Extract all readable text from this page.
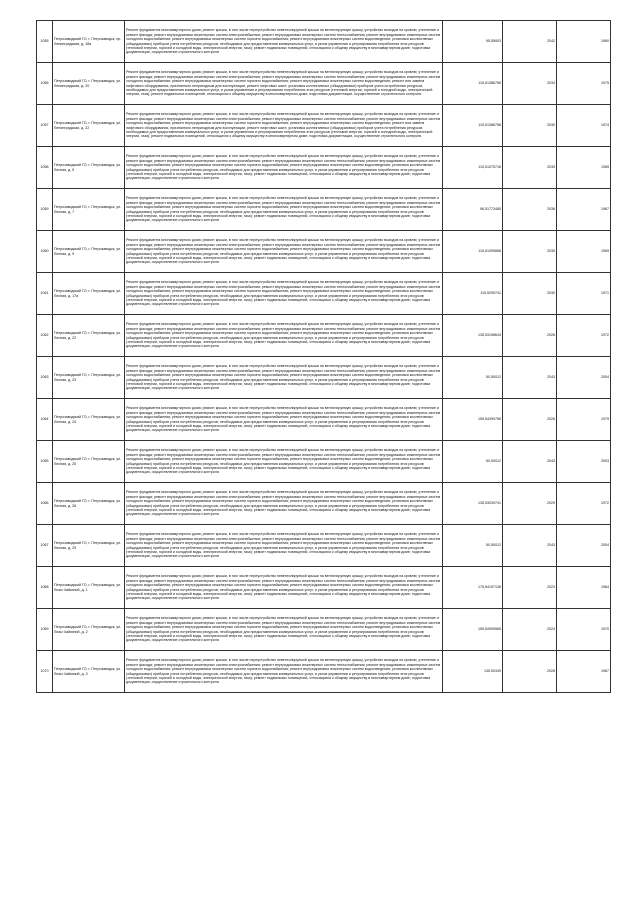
1055	Петрозаводский ГО, г. Петрозаводск, пр. Ленинградская, д. 18а	Ремонт фундамента многоквартирного дома; ремонт крыши, в том числе переустройство невентилируемой крыши на вентилируемую крышу, устройство выходов на кровлю; утепление и ремонт фасада; ремонт внутридомовых инженерных систем электроснабжения; ремонт внутридомовых инженерных систем теплоснабжения; ремонт внутридомовых инженерных систем холодного водоснабжения; ремонт внутридомовых инженерных систем горячего водоснабжения; ремонт внутридомовых инженерных систем водоотведения; установка коллективных (общедомовых) приборов учета потребления ресурсов, необходимых для предоставления коммунальных услуг, и узлов управления и регулирования потребления этих ресурсов (тепловой энергии, горячей и холодной воды, электрической энергии, газа); ремонт подвальных помещений, относящихся к общему имуществу в многоквартирном доме; подготовка документации, осуществление строительного контроля	95,55903	2042	1960
1056	Петрозаводский ГО, г. Петрозаводск, ул. Ленинградская, д. 20	Ремонт фундамента многоквартирного дома; ремонт крыши, в том числе переустройство невентилируемой крыши на вентилируемую крышу, устройство выходов на кровлю; утепление и ремонт фасада; ремонт внутридомовых инженерных систем электроснабжения; ремонт внутридомовых инженерных систем теплоснабжения; ремонт внутридомовых инженерных систем холодного водоснабжения; ремонт внутридомовых инженерных систем горячего водоснабжения; ремонт внутридомовых инженерных систем водоотведения; ремонт или замена лифтового оборудования, признанного непригодным для эксплуатации, ремонт лифтовых шахт; установка коллективных (общедомовых) приборов учета потребления ресурсов, необходимых для предоставления коммунальных услуг, и узлов управления и регулирования потребления этих ресурсов (тепловой энергии, горячей и холодной воды, электрической энергии, газа); ремонт подвальных помещений, относящихся к общему имуществу в многоквартирном доме; подготовка документации, осуществление строительного контроля	115,51386756	2034	1975
1057	Петрозаводский ГО, г. Петрозаводск, ул. Ленинградская, д. 22	Ремонт фундамента многоквартирного дома; ремонт крыши, в том числе переустройство невентилируемой крыши на вентилируемую крышу, устройство выходов на кровлю; утепление и ремонт фасада; ремонт внутридомовых инженерных систем электроснабжения; ремонт внутридомовых инженерных систем теплоснабжения; ремонт внутридомовых инженерных систем холодного водоснабжения; ремонт внутридомовых инженерных систем горячего водоснабжения; ремонт внутридомовых инженерных систем водоотведения; ремонт или замена лифтового оборудования, признанного непригодным для эксплуатации, ремонт лифтовых шахт; установка коллективных (общедомовых) приборов учета потребления ресурсов, необходимых для предоставления коммунальных услуг, и узлов управления и регулирования потребления этих ресурсов (тепловой энергии, горячей и холодной воды, электрической энергии, газа); ремонт подвальных помещений, относящихся к общему имуществу в многоквартирном доме; подготовка документации, осуществление строительного контроля	115,51386756	2030	1974
1058	Петрозаводский ГО, г. Петрозаводск, ул. Лесная, д. 5	Ремонт фундамента многоквартирного дома; ремонт крыши, в том числе переустройство невентилируемой крыши на вентилируемую крышу, устройство выходов на кровлю; утепление и ремонт фасада; ремонт внутридомовых инженерных систем электроснабжения; ремонт внутридомовых инженерных систем теплоснабжения; ремонт внутридомовых инженерных систем холодного водоснабжения; ремонт внутридомовых инженерных систем горячего водоснабжения; ремонт внутридомовых инженерных систем водоотведения; установка коллективных (общедомовых) приборов учета потребления ресурсов, необходимых для предоставления коммунальных услуг, и узлов управления и регулирования потребления этих ресурсов (тепловой энергии, горячей и холодной воды, электрической энергии, газа); ремонт подвальных помещений, относящихся к общему имуществу в многоквартирном доме; подготовка документации, осуществление строительного контроля	115,51075716	2035	1965
1059	Петрозаводский ГО, г. Петрозаводск, ул. Лесная, д. 7	Ремонт фундамента многоквартирного дома; ремонт крыши, в том числе переустройство невентилируемой крыши на вентилируемую крышу, устройство выходов на кровлю; утепление и ремонт фасада; ремонт внутридомовых инженерных систем электроснабжения; ремонт внутридомовых инженерных систем теплоснабжения; ремонт внутридомовых инженерных систем холодного водоснабжения; ремонт внутридомовых инженерных систем горячего водоснабжения; ремонт внутридомовых инженерных систем водоотведения; установка коллективных (общедомовых) приборов учета потребления ресурсов, необходимых для предоставления коммунальных услуг, и узлов управления и регулирования потребления этих ресурсов (тепловой энергии, горячей и холодной воды, электрической энергии, газа); ремонт подвальных помещений, относящихся к общему имуществу в многоквартирном доме; подготовка документации, осуществление строительного контроля	96,51773485	2038	1967
1060	Петрозаводский ГО, г. Петрозаводск, ул. Лесная, д. 9	Ремонт фундамента многоквартирного дома; ремонт крыши, в том числе переустройство невентилируемой крыши на вентилируемую крышу, устройство выходов на кровлю; утепление и ремонт фасада; ремонт внутридомовых инженерных систем электроснабжения; ремонт внутридомовых инженерных систем теплоснабжения; ремонт внутридомовых инженерных систем холодного водоснабжения; ремонт внутридомовых инженерных систем горячего водоснабжения; ремонт внутридомовых инженерных систем водоотведения; установка коллективных (общедомовых) приборов учета потребления ресурсов, необходимых для предоставления коммунальных услуг, и узлов управления и регулирования потребления этих ресурсов (тепловой энергии, горячей и холодной воды, электрической энергии, газа); ремонт подвальных помещений, относящихся к общему имуществу в многоквартирном доме; подготовка документации, осуществление строительного контроля	115,51099888	2035	1969
1061	Петрозаводский ГО, г. Петрозаводск, ул. Лесная, д. 17а	Ремонт фундамента многоквартирного дома; ремонт крыши, в том числе переустройство невентилируемой крыши на вентилируемую крышу, устройство выходов на кровлю; утепление и ремонт фасада; ремонт внутридомовых инженерных систем электроснабжения; ремонт внутридомовых инженерных систем теплоснабжения; ремонт внутридомовых инженерных систем холодного водоснабжения; ремонт внутридомовых инженерных систем горячего водоснабжения; ремонт внутридомовых инженерных систем водоотведения; установка коллективных (общедомовых) приборов учета потребления ресурсов, необходимых для предоставления коммунальных услуг, и узлов управления и регулирования потребления этих ресурсов (тепловой энергии, горячей и холодной воды, электрической энергии, газа); ремонт подвальных помещений, относящихся к общему имуществу в многоквартирном доме; подготовка документации, осуществление строительного контроля	115,5295741	2030	1971
1062	Петрозаводский ГО, г. Петрозаводск, ул. Лесная, д. 22	Ремонт фундамента многоквартирного дома; ремонт крыши, в том числе переустройство невентилируемой крыши на вентилируемую крышу, устройство выходов на кровлю; утепление и ремонт фасада; ремонт внутридомовых инженерных систем электроснабжения; ремонт внутридомовых инженерных систем теплоснабжения; ремонт внутридомовых инженерных систем холодного водоснабжения; ремонт внутридомовых инженерных систем горячего водоснабжения; ремонт внутридомовых инженерных систем водоотведения; установка коллективных (общедомовых) приборов учета потребления ресурсов, необходимых для предоставления коммунальных услуг, и узлов управления и регулирования потребления этих ресурсов (тепловой энергии, горячей и холодной воды, электрической энергии, газа); ремонт подвальных помещений, относящихся к общему имуществу в многоквартирном доме; подготовка документации, осуществление строительного контроля	135,53198644	2026	1972
1063	Петрозаводский ГО, г. Петрозаводск, ул. Лесная, д. 23	Ремонт фундамента многоквартирного дома; ремонт крыши, в том числе переустройство невентилируемой крыши на вентилируемую крышу, устройство выходов на кровлю; утепление и ремонт фасада; ремонт внутридомовых инженерных систем электроснабжения; ремонт внутридомовых инженерных систем теплоснабжения; ремонт внутридомовых инженерных систем холодного водоснабжения; ремонт внутридомовых инженерных систем горячего водоснабжения; ремонт внутридомовых инженерных систем водоотведения; установка коллективных (общедомовых) приборов учета потребления ресурсов, необходимых для предоставления коммунальных услуг, и узлов управления и регулирования потребления этих ресурсов (тепловой энергии, горячей и холодной воды, электрической энергии, газа); ремонт подвальных помещений, относящихся к общему имуществу в многоквартирном доме; подготовка документации, осуществление строительного контроля	50,50012	2043	2004
1064	Петрозаводский ГО, г. Петрозаводск, ул. Лесная, д. 24	Ремонт фундамента многоквартирного дома; ремонт крыши, в том числе переустройство невентилируемой крыши на вентилируемую крышу, устройство выходов на кровлю; утепление и ремонт фасада; ремонт внутридомовых инженерных систем электроснабжения; ремонт внутридомовых инженерных систем теплоснабжения; ремонт внутридомовых инженерных систем холодного водоснабжения; ремонт внутридомовых инженерных систем горячего водоснабжения; ремонт внутридомовых инженерных систем водоотведения; установка коллективных (общедомовых) приборов учета потребления ресурсов, необходимых для предоставления коммунальных услуг, и узлов управления и регулирования потребления этих ресурсов (тепловой энергии, горячей и холодной воды, электрической энергии, газа); ремонт подвальных помещений, относящихся к общему имуществу в многоквартирном доме; подготовка документации, осуществление строительного контроля	155,54399756	2026	1979
1065	Петрозаводский ГО, г. Петрозаводск, ул. Лесная, д. 25	Ремонт фундамента многоквартирного дома; ремонт крыши, в том числе переустройство невентилируемой крыши на вентилируемую крышу, устройство выходов на кровлю; утепление и ремонт фасада; ремонт внутридомовых инженерных систем электроснабжения; ремонт внутридомовых инженерных систем теплоснабжения; ремонт внутридомовых инженерных систем холодного водоснабжения; ремонт внутридомовых инженерных систем горячего водоснабжения; ремонт внутридомовых инженерных систем водоотведения; установка коллективных (общедомовых) приборов учета потребления ресурсов, необходимых для предоставления коммунальных услуг, и узлов управления и регулирования потребления этих ресурсов (тепловой энергии, горячей и холодной воды, электрической энергии, газа); ремонт подвальных помещений, относящихся к общему имуществу в многоквартирном доме; подготовка документации, осуществление строительного контроля	50,50012	2043	2003
1066	Петрозаводский ГО, г. Петрозаводск, ул. Лесная, д. 26	Ремонт фундамента многоквартирного дома; ремонт крыши, в том числе переустройство невентилируемой крыши на вентилируемую крышу, устройство выходов на кровлю; утепление и ремонт фасада; ремонт внутридомовых инженерных систем электроснабжения; ремонт внутридомовых инженерных систем теплоснабжения; ремонт внутридомовых инженерных систем холодного водоснабжения; ремонт внутридомовых инженерных систем горячего водоснабжения; ремонт внутридомовых инженерных систем водоотведения; установка коллективных (общедомовых) приборов учета потребления ресурсов, необходимых для предоставления коммунальных услуг, и узлов управления и регулирования потребления этих ресурсов (тепловой энергии, горячей и холодной воды, электрической энергии, газа); ремонт подвальных помещений, относящихся к общему имуществу в многоквартирном доме; подготовка документации, осуществление строительного контроля	135,53039741	2029	1972
1067	Петрозаводский ГО, г. Петрозаводск, ул. Лесная, д. 29	Ремонт фундамента многоквартирного дома; ремонт крыши, в том числе переустройство невентилируемой крыши на вентилируемую крышу, устройство выходов на кровлю; утепление и ремонт фасада; ремонт внутридомовых инженерных систем электроснабжения; ремонт внутридомовых инженерных систем теплоснабжения; ремонт внутридомовых инженерных систем холодного водоснабжения; ремонт внутридомовых инженерных систем горячего водоснабжения; ремонт внутридомовых инженерных систем водоотведения; установка коллективных (общедомовых) приборов учета потребления ресурсов, необходимых для предоставления коммунальных услуг, и узлов управления и регулирования потребления этих ресурсов (тепловой энергии, горячей и холодной воды, электрической энергии, газа); ремонт подвальных помещений, относящихся к общему имуществу в многоквартирном доме; подготовка документации, осуществление строительного контроля	50,50012	2043	2004
1068	Петрозаводский ГО, г. Петрозаводск, ул. Лизы Чайкиной, д. 1	Ремонт фундамента многоквартирного дома; ремонт крыши, в том числе переустройство невентилируемой крыши на вентилируемую крышу, устройство выходов на кровлю; утепление и ремонт фасада; ремонт внутридомовых инженерных систем электроснабжения; ремонт внутридомовых инженерных систем теплоснабжения; ремонт внутридомовых инженерных систем холодного водоснабжения; ремонт внутридомовых инженерных систем горячего водоснабжения; ремонт внутридомовых инженерных систем водоотведения; установка коллективных (общедомовых) приборов учета потребления ресурсов, необходимых для предоставления коммунальных услуг, и узлов управления и регулирования потребления этих ресурсов (тепловой энергии, горячей и холодной воды, электрической энергии, газа); ремонт подвальных помещений, относящихся к общему имуществу в многоквартирном доме; подготовка документации, осуществление строительного контроля	175,54197136	2023	1964
1069	Петрозаводский ГО, г. Петрозаводск, ул. Лизы Чайкиной, д. 2	Ремонт фундамента многоквартирного дома; ремонт крыши, в том числе переустройство невентилируемой крыши на вентилируемую крышу, устройство выходов на кровлю; утепление и ремонт фасада; ремонт внутридомовых инженерных систем электроснабжения; ремонт внутридомовых инженерных систем теплоснабжения; ремонт внутридомовых инженерных систем холодного водоснабжения; ремонт внутридомовых инженерных систем горячего водоснабжения; ремонт внутридомовых инженерных систем водоотведения; установка коллективных (общедомовых) приборов учета потребления ресурсов, необходимых для предоставления коммунальных услуг, и узлов управления и регулирования потребления этих ресурсов (тепловой энергии, горячей и холодной воды, электрической энергии, газа); ремонт подвальных помещений, относящихся к общему имуществу в многоквартирном доме; подготовка документации, осуществление строительного контроля	155,54999565	2024	1970
1070	Петрозаводский ГО, г. Петрозаводск, ул. Лизы Чайкиной, д. 3	Ремонт фундамента многоквартирного дома; ремонт крыши, в том числе переустройство невентилируемой крыши на вентилируемую крышу, устройство выходов на кровлю; утепление и ремонт фасада; ремонт внутридомовых инженерных систем электроснабжения; ремонт внутридомовых инженерных систем теплоснабжения; ремонт внутридомовых инженерных систем холодного водоснабжения; ремонт внутридомовых инженерных систем горячего водоснабжения; ремонт внутридомовых инженерных систем водоотведения; установка коллективных (общедомовых) приборов учета потребления ресурсов, необходимых для предоставления коммунальных услуг, и узлов управления и регулирования потребления этих ресурсов (тепловой энергии, горячей и холодной воды, электрической энергии, газа); ремонт подвальных помещений, относящихся к общему имуществу в многоквартирном доме; подготовка документации, осуществление строительного контроля	135,50349	2028	1967
